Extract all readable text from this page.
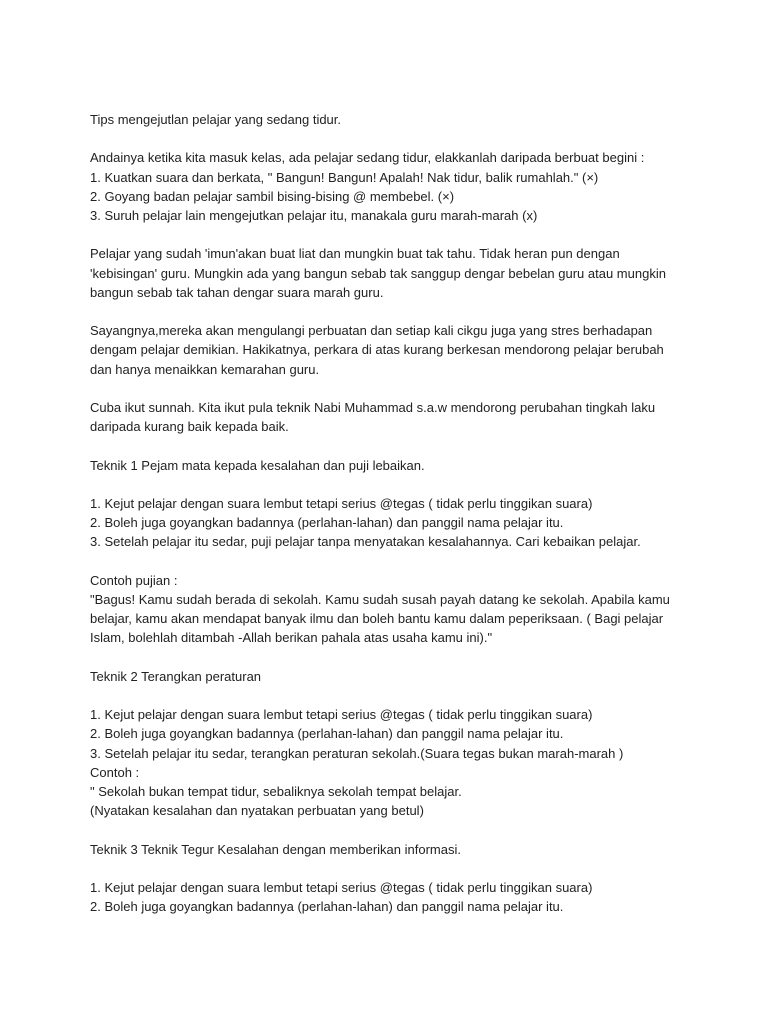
Tips mengejutlan pelajar yang sedang tidur.

Andainya ketika kita masuk kelas, ada pelajar sedang tidur, elakkanlah daripada berbuat begini :

1. Kuatkan suara dan berkata, " Bangun! Bangun! Apalah! Nak tidur, balik rumahlah." (×)

2. Goyang badan pelajar sambil bising-bising @ membebel. (×)

3. Suruh pelajar lain mengejutkan pelajar itu, manakala guru marah-marah (x)

Pelajar yang sudah 'imun'akan buat liat dan mungkin buat tak tahu. Tidak heran pun dengan

'kebisingan' guru. Mungkin ada yang bangun sebab tak sanggup dengar bebelan guru atau mungkin

bangun sebab tak tahan dengar suara marah guru.

Sayangnya,mereka akan mengulangi perbuatan dan setiap kali cikgu juga yang stres berhadapan

dengam pelajar demikian. Hakikatnya, perkara di atas kurang berkesan mendorong pelajar berubah

dan hanya menaikkan kemarahan guru.

Cuba ikut sunnah. Kita ikut pula teknik Nabi Muhammad s.a.w mendorong perubahan tingkah laku

daripada kurang baik kepada baik.

Teknik 1 Pejam mata kepada kesalahan dan puji lebaikan.

1. Kejut pelajar dengan suara lembut tetapi serius @tegas ( tidak perlu tinggikan suara)

2. Boleh juga goyangkan badannya (perlahan-lahan) dan panggil nama pelajar itu.

3. Setelah pelajar itu sedar, puji pelajar tanpa menyatakan kesalahannya. Cari kebaikan pelajar.

Contoh pujian :

"Bagus! Kamu sudah berada di sekolah. Kamu sudah susah payah datang ke sekolah. Apabila kamu

belajar, kamu akan mendapat banyak ilmu dan boleh bantu kamu dalam peperiksaan. ( Bagi pelajar

Islam, bolehlah ditambah -Allah berikan pahala atas usaha kamu ini)."

Teknik 2 Terangkan peraturan

1. Kejut pelajar dengan suara lembut tetapi serius @tegas ( tidak perlu tinggikan suara)

2. Boleh juga goyangkan badannya (perlahan-lahan) dan panggil nama pelajar itu.

3. Setelah pelajar itu sedar, terangkan peraturan sekolah.(Suara tegas bukan marah-marah )

Contoh :

" Sekolah bukan tempat tidur, sebaliknya sekolah tempat belajar.

(Nyatakan kesalahan dan nyatakan perbuatan yang betul)

Teknik 3 Teknik Tegur Kesalahan dengan memberikan informasi.

1. Kejut pelajar dengan suara lembut tetapi serius @tegas ( tidak perlu tinggikan suara)

2. Boleh juga goyangkan badannya (perlahan-lahan) dan panggil nama pelajar itu.
